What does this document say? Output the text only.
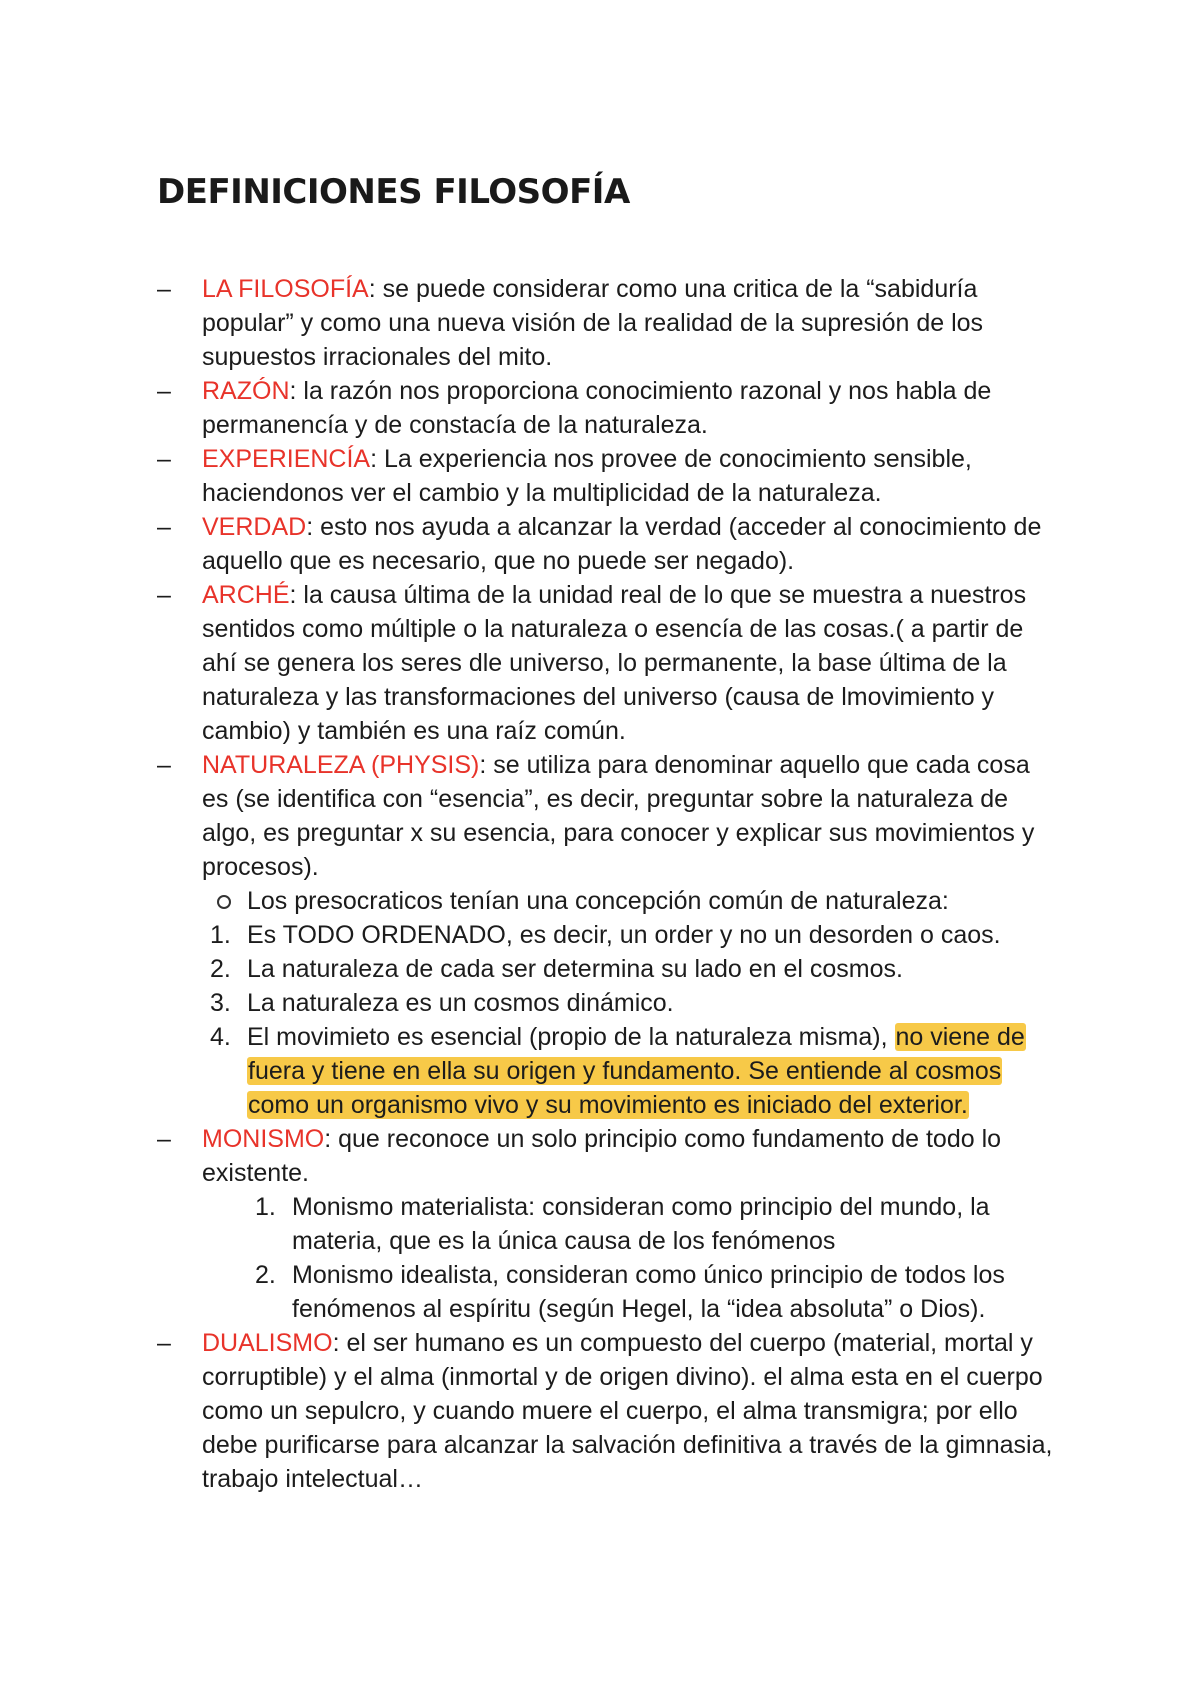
DEFINICIONES FILOSOFÍA
– LA FILOSOFÍA: se puede considerar como una critica de la “sabiduría popular” y como una nueva visión de la realidad de la supresión de los supuestos irracionales del mito.
– RAZÓN: la razón nos proporciona conocimiento razonal y nos habla de permanencía y de constacía de la naturaleza.
– EXPERIENCÍA: La experiencia nos provee de conocimiento sensible, haciendonos ver el cambio y la multiplicidad de la naturaleza.
– VERDAD: esto nos ayuda a alcanzar la verdad (acceder al conocimiento de aquello que es necesario, que no puede ser negado).
– ARCHÉ: la causa última de la unidad real de lo que se muestra a nuestros sentidos como múltiple o la naturaleza o esencía de las cosas.( a partir de ahí se genera los seres dle universo, lo permanente, la base última de la naturaleza y las transformaciones del universo (causa de lmovimiento y cambio) y también es una raíz común.
– NATURALEZA (PHYSIS): se utiliza para denominar aquello que cada cosa es (se identifica con “esencia”, es decir, preguntar sobre la naturaleza de algo, es preguntar x su esencia, para conocer y explicar sus movimientos y procesos).
Los presocraticos tenían una concepción común de naturaleza:
1. Es TODO ORDENADO, es decir, un order y no un desorden o caos.
2. La naturaleza de cada ser determina su lado en el cosmos.
3. La naturaleza es un cosmos dinámico.
4. El movimieto es esencial (propio de la naturaleza misma), no viene de fuera y tiene en ella su origen y fundamento. Se entiende al cosmos como un organismo vivo y su movimiento es iniciado del exterior.
– MONISMO: que reconoce un solo principio como fundamento de todo lo existente.
1. Monismo materialista: consideran como principio del mundo, la materia, que es la única causa de los fenómenos
2. Monismo idealista, consideran como único principio de todos los fenómenos al espíritu (según Hegel, la “idea absoluta” o Dios).
– DUALISMO: el ser humano es un compuesto del cuerpo (material, mortal y corruptible) y el alma (inmortal y de origen divino). el alma esta en el cuerpo como un sepulcro, y cuando muere el cuerpo, el alma transmigra; por ello debe purificarse para alcanzar la salvación definitiva a través de la gimnasia, trabajo intelectual…
